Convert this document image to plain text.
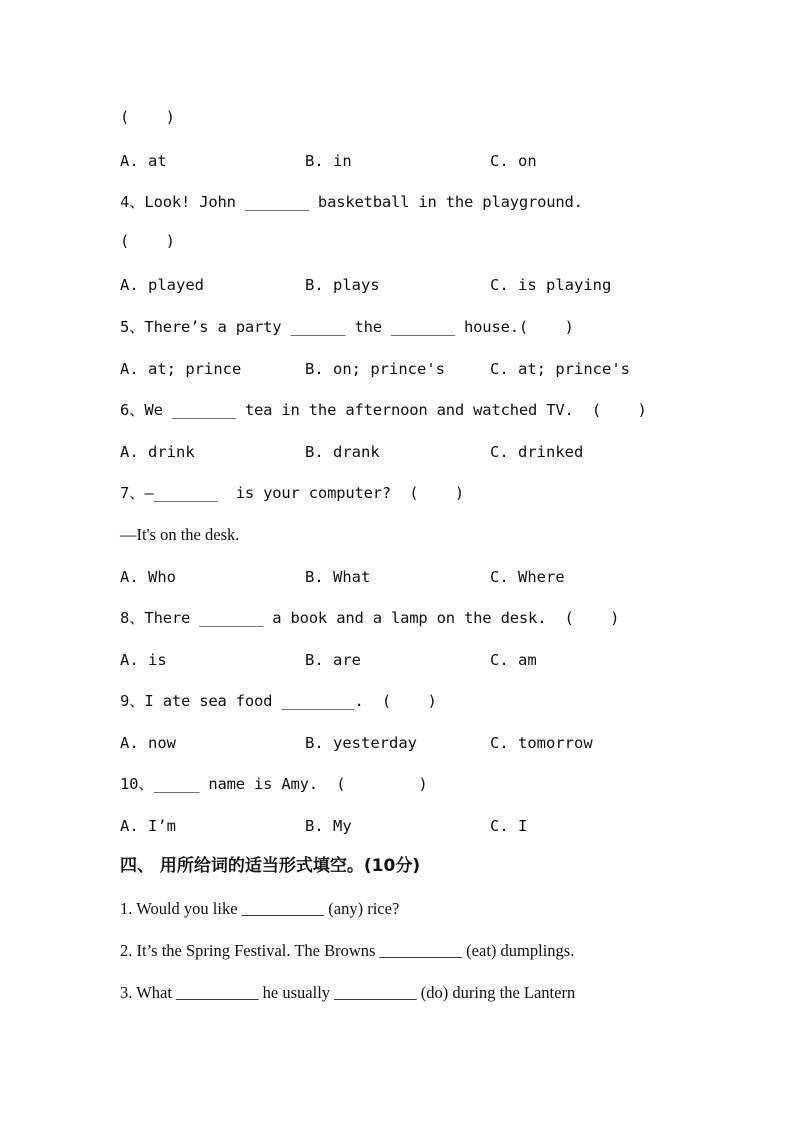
(    )
A. at	B. in	C. on
4、Look! John _______ basketball in the playground.
(    )
A. played	B. plays	C. is playing
5、There’s a party ______ the _______ house.(    )
A. at; prince	B. on; prince's	C. at; prince's
6、We _______ tea in the afternoon and watched TV.  (    )
A. drink	B. drank	C. drinked
7、—_______  is your computer?  (    )
—It's on the desk.
A. Who	B. What	C. Where
8、There _______ a book and a lamp on the desk.  (    )
A. is	B. are	C. am
9、I ate sea food ________.  (    )
A. now	B. yesterday	C. tomorrow
10、_____ name is Amy.  (        )
A. I’m	B. My	C. I
四、 用所给词的适当形式填空。(10分)
1. Would you like __________ (any) rice?
2. It’s the Spring Festival. The Browns __________ (eat) dumplings.
3. What __________ he usually __________ (do) during the Lantern
